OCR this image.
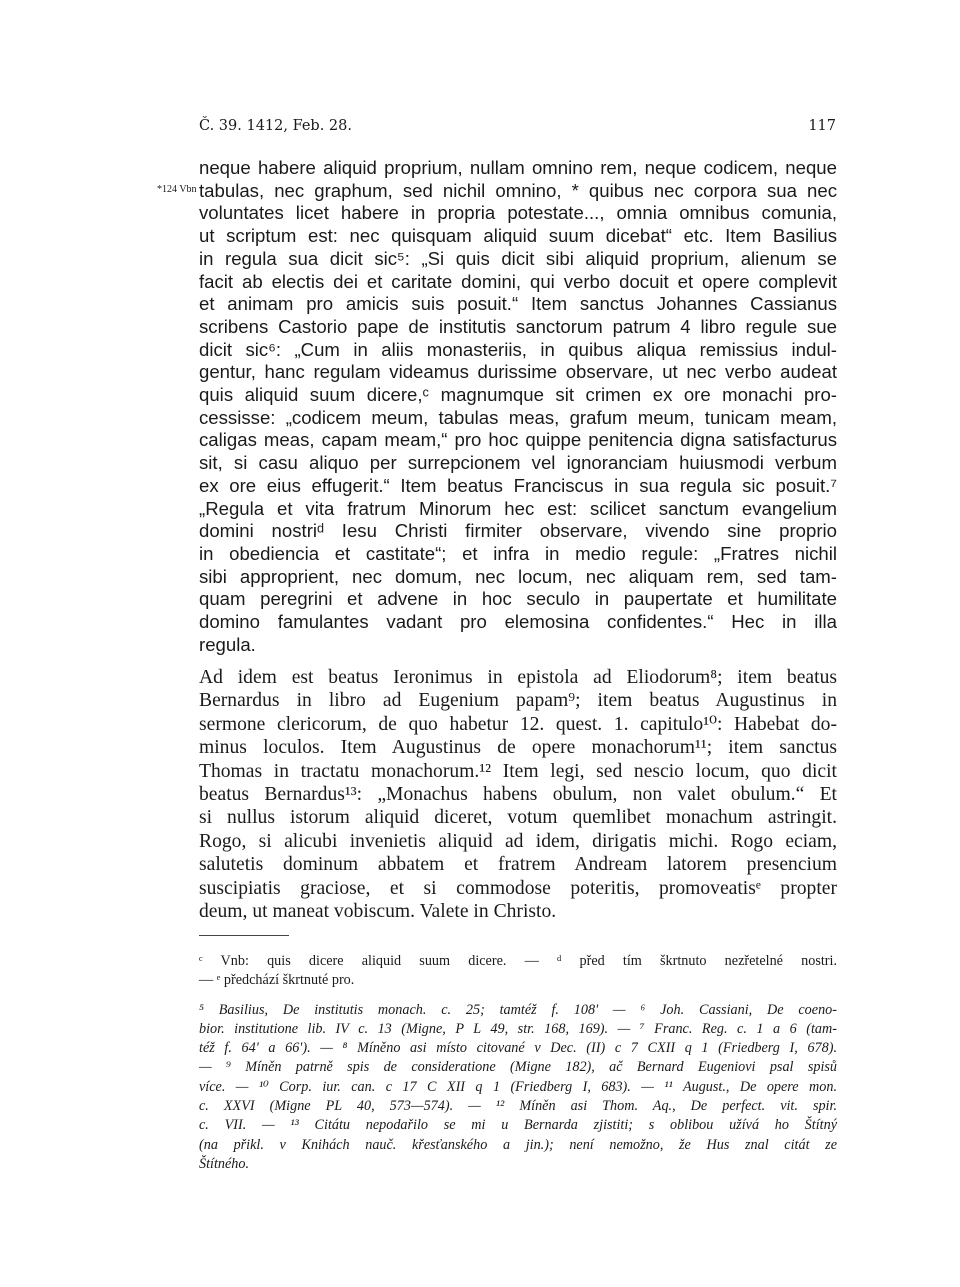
Č. 39. 1412, Feb. 28.	117
*124 Vbn
neque habere aliquid proprium, nullam omnino rem, neque codicem, neque
tabulas, nec graphum, sed nichil omnino, * quibus nec corpora sua nec
voluntates licet habere in propria potestate..., omnia omnibus comunia,
ut scriptum est: nec quisquam aliquid suum dicebat“ etc. Item Basilius
in regula sua dicit sic⁵: „Si quis dicit sibi aliquid proprium, alienum se
facit ab electis dei et caritate domini, qui verbo docuit et opere complevit
et animam pro amicis suis posuit.“ Item sanctus Johannes Cassianus
scribens Castorio pape de institutis sanctorum patrum 4 libro regule sue
dicit sic⁶: „Cum in aliis monasteriis, in quibus aliqua remissius indul-
gentur, hanc regulam videamus durissime observare, ut nec verbo audeat
quis aliquid suum dicere,ᶜ magnumque sit crimen ex ore monachi pro-
cessisse: „codicem meum, tabulas meas, grafum meum, tunicam meam,
caligas meas, capam meam,“ pro hoc quippe penitencia digna satisfacturus
sit, si casu aliquo per surrepcionem vel ignoranciam huiusmodi verbum
ex ore eius effugerit.“ Item beatus Franciscus in sua regula sic posuit.⁷
„Regula et vita fratrum Minorum hec est: scilicet sanctum evangelium
domini nostriᵈ Iesu Christi firmiter observare, vivendo sine proprio
in obediencia et castitate“; et infra in medio regule: „Fratres nichil
sibi approprient, nec domum, nec locum, nec aliquam rem, sed tam-
quam peregrini et advene in hoc seculo in paupertate et humilitate
domino famulantes vadant pro elemosina confidentes.“ Hec in illa
regula.
Ad idem est beatus Ieronimus in epistola ad Eliodorum⁸; item beatus
Bernardus in libro ad Eugenium papam⁹; item beatus Augustinus in
sermone clericorum, de quo habetur 12. quest. 1. capitulo¹⁰: Habebat do-
minus loculos. Item Augustinus de opere monachorum¹¹; item sanctus
Thomas in tractatu monachorum.¹² Item legi, sed nescio locum, quo dicit
beatus Bernardus¹³: „Monachus habens obulum, non valet obulum.“ Et
si nullus istorum aliquid diceret, votum quemlibet monachum astringit.
Rogo, si alicubi invenietis aliquid ad idem, dirigatis michi. Rogo eciam,
salutetis dominum abbatem et fratrem Andream latorem presencium
suscipiatis graciose, et si commodose poteritis, promoveatisᵉ propter
deum, ut maneat vobiscum. Valete in Christo.
ᶜ Vnb: quis dicere aliquid suum dicere. — ᵈ před tím škrtnuto nezřetelné nostri.
— ᵉ předchází škrtnuté pro.
⁵ Basilius, De institutis monach. c. 25; tamtéž f. 108' — ⁶ Joh. Cassiani, De coeno-
bior. institutione lib. IV c. 13 (Migne, P L 49, str. 168, 169). — ⁷ Franc. Reg. c. 1 a 6 (tam-
též f. 64' a 66'). — ⁸ Míněno asi místo citované v Dec. (II) c 7 CXII q 1 (Friedberg I, 678).
— ⁹ Míněn patrně spis de consideratione (Migne 182), ač Bernard Eugeniovi psal spisů
více. — ¹⁰ Corp. iur. can. c 17 C XII q 1 (Friedberg I, 683). — ¹¹ August., De opere mon.
c. XXVI (Migne PL 40, 573—574). — ¹² Míněn asi Thom. Aq., De perfect. vit. spir.
c. VII. — ¹³ Citátu nepodařilo se mi u Bernarda zjistiti; s oblibou užívá ho Štítný
(na přikl. v Knihách nauč. křesťanského a jin.); není nemožno, že Hus znal citát ze
Štítného.
